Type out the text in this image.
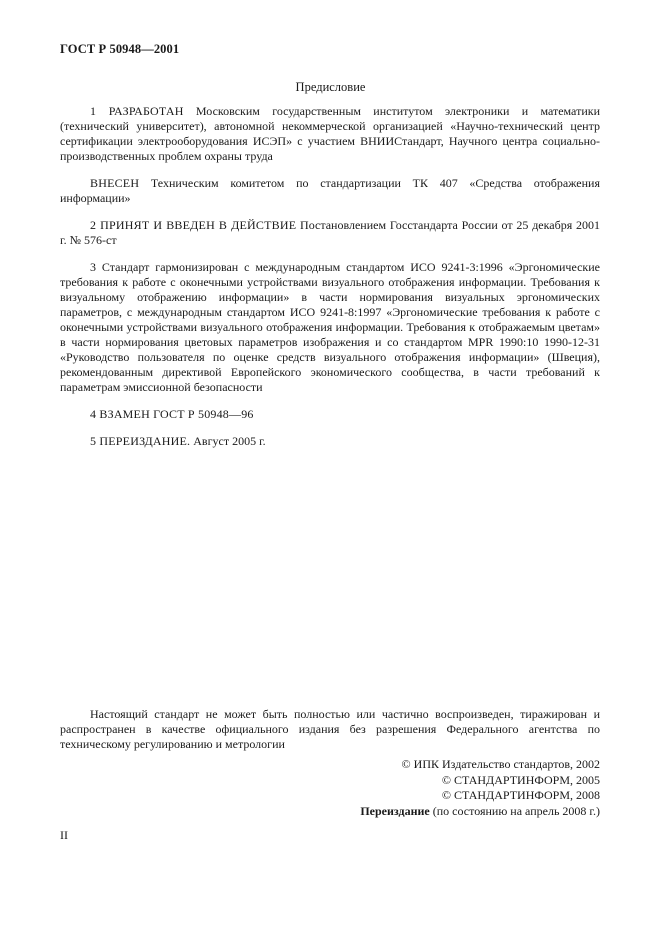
ГОСТ Р 50948—2001
Предисловие

1 РАЗРАБОТАН Московским государственным институтом электроники и математики (технический университет), автономной некоммерческой организацией «Научно-технический центр сертификации электрооборудования ИСЭП» с участием ВНИИСтандарт, Научного центра социально-производственных проблем охраны труда

ВНЕСЕН Техническим комитетом по стандартизации ТК 407 «Средства отображения информации»

2 ПРИНЯТ И ВВЕДЕН В ДЕЙСТВИЕ Постановлением Госстандарта России от 25 декабря 2001 г. № 576-ст

3 Стандарт гармонизирован с международным стандартом ИСО 9241-3:1996 «Эргономические требования к работе с оконечными устройствами визуального отображения информации. Требования к визуальному отображению информации» в части нормирования визуальных эргономических параметров, с международным стандартом ИСО 9241-8:1997 «Эргономические требования к работе с оконечными устройствами визуального отображения информации. Требования к отображаемым цветам» в части нормирования цветовых параметров изображения и со стандартом MPR 1990:10 1990-12-31 «Руководство пользователя по оценке средств визуального отображения информации» (Швеция), рекомендованным директивой Европейского экономического сообщества, в части требований к параметрам эмиссионной безопасности

4 ВЗАМЕН ГОСТ Р 50948—96

5 ПЕРЕИЗДАНИЕ. Август 2005 г.

Настоящий стандарт не может быть полностью или частично воспроизведен, тиражирован и распространен в качестве официального издания без разрешения Федерального агентства по техническому регулированию и метрологии

© ИПК Издательство стандартов, 2002
© СТАНДАРТИНФОРМ, 2005
© СТАНДАРТИНФОРМ, 2008
Переиздание (по состоянию на апрель 2008 г.)
II
